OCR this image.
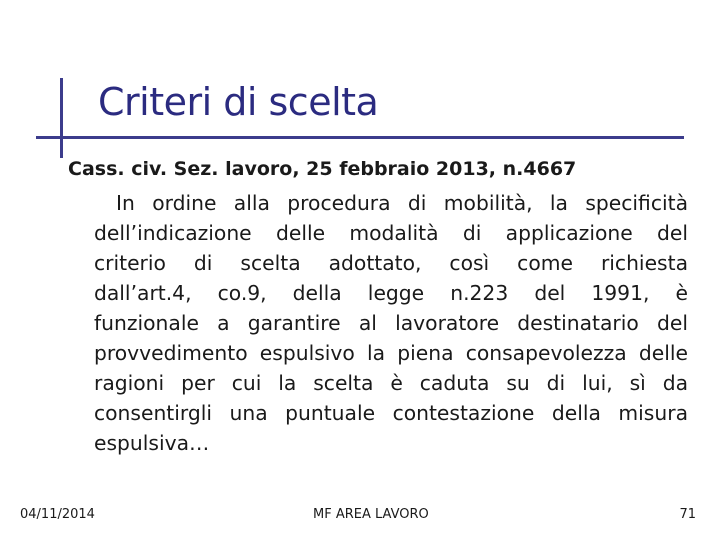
Criteri di scelta
Cass. civ. Sez. lavoro, 25 febbraio 2013, n.4667
In ordine alla procedura di mobilità, la specificità
dell’indicazione delle modalità di applicazione del
criterio di scelta adottato, così come richiesta
dall’art.4, co.9, della legge n.223 del 1991, è
funzionale a garantire al lavoratore destinatario del
provvedimento espulsivo la piena consapevolezza delle
ragioni per cui la scelta è caduta su di lui, sì da
consentirgli una puntuale contestazione della misura
espulsiva…
04/11/2014	MF AREA LAVORO	71
